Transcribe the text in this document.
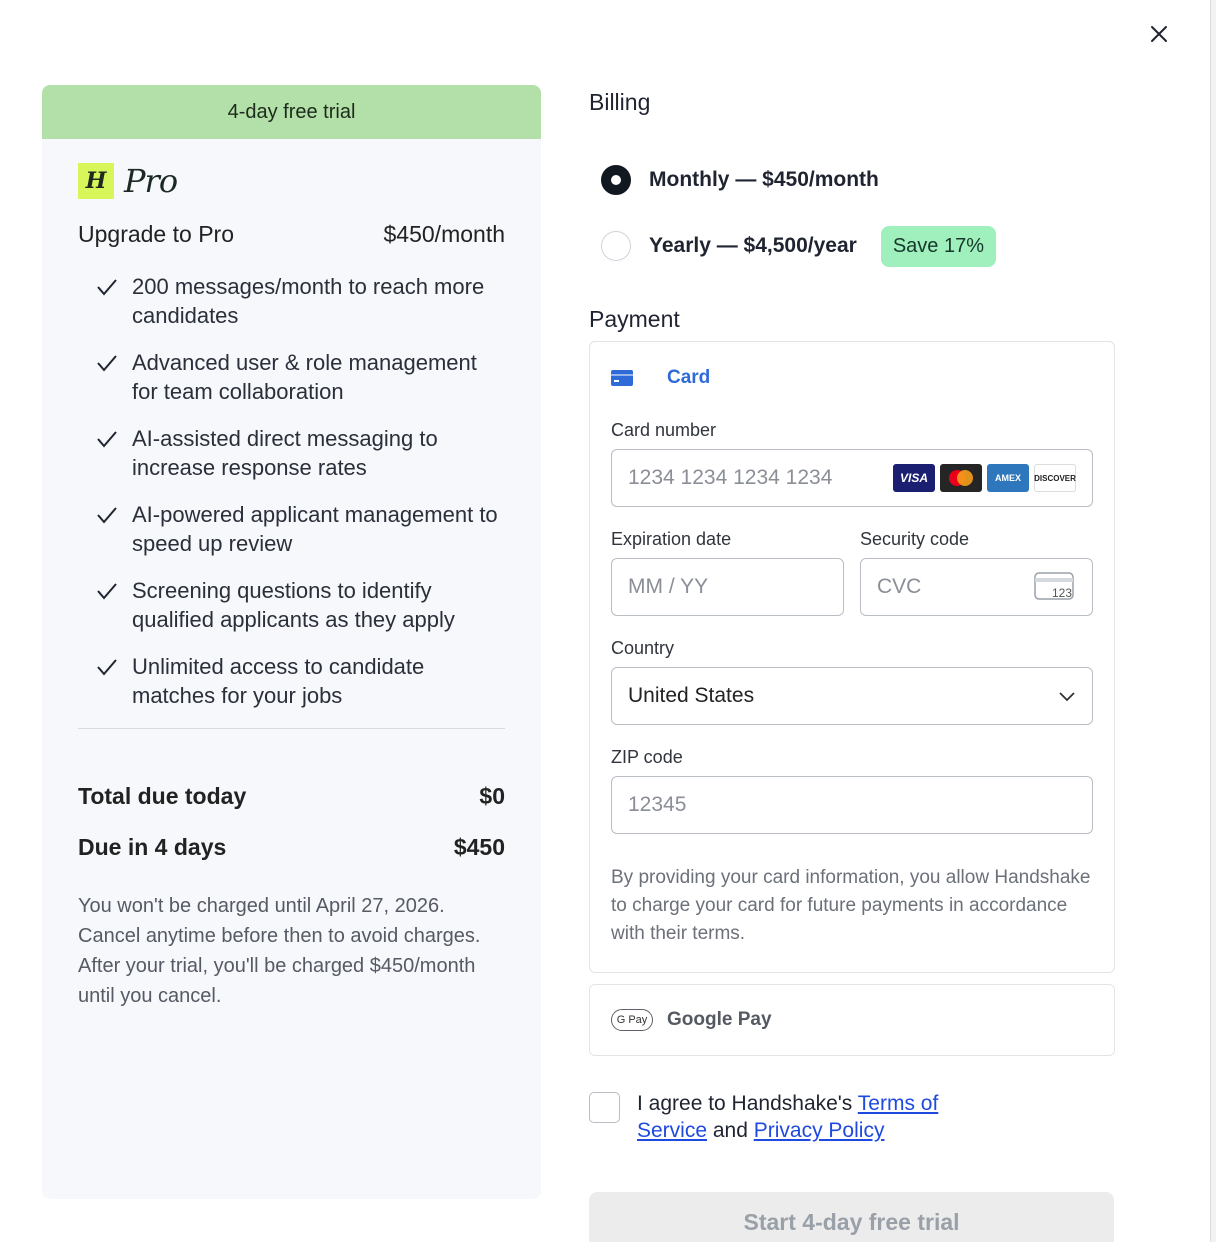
4-day free trial
H Pro
Upgrade to Pro	$450/month
200 messages/month to reach more candidates
Advanced user & role management for team collaboration
AI-assisted direct messaging to increase response rates
AI-powered applicant management to speed up review
Screening questions to identify qualified applicants as they apply
Unlimited access to candidate matches for your jobs
Total due today	$0
Due in 4 days	$450

You won't be charged until April 27, 2026. Cancel anytime before then to avoid charges. After your trial, you'll be charged $450/month until you cancel.

Billing
Monthly — $450/month
Yearly — $4,500/year	Save 17%
Payment
Card
Card number
1234 1234 1234 1234	VISA	AMEX	DISCOVER
Expiration date
MM / YY
Security code
CVC	123
Country
United States
ZIP code
12345

By providing your card information, you allow Handshake to charge your card for future payments in accordance with their terms.

G Pay	Google Pay
I agree to Handshake's Terms of Service and Privacy Policy
Start 4-day free trial
